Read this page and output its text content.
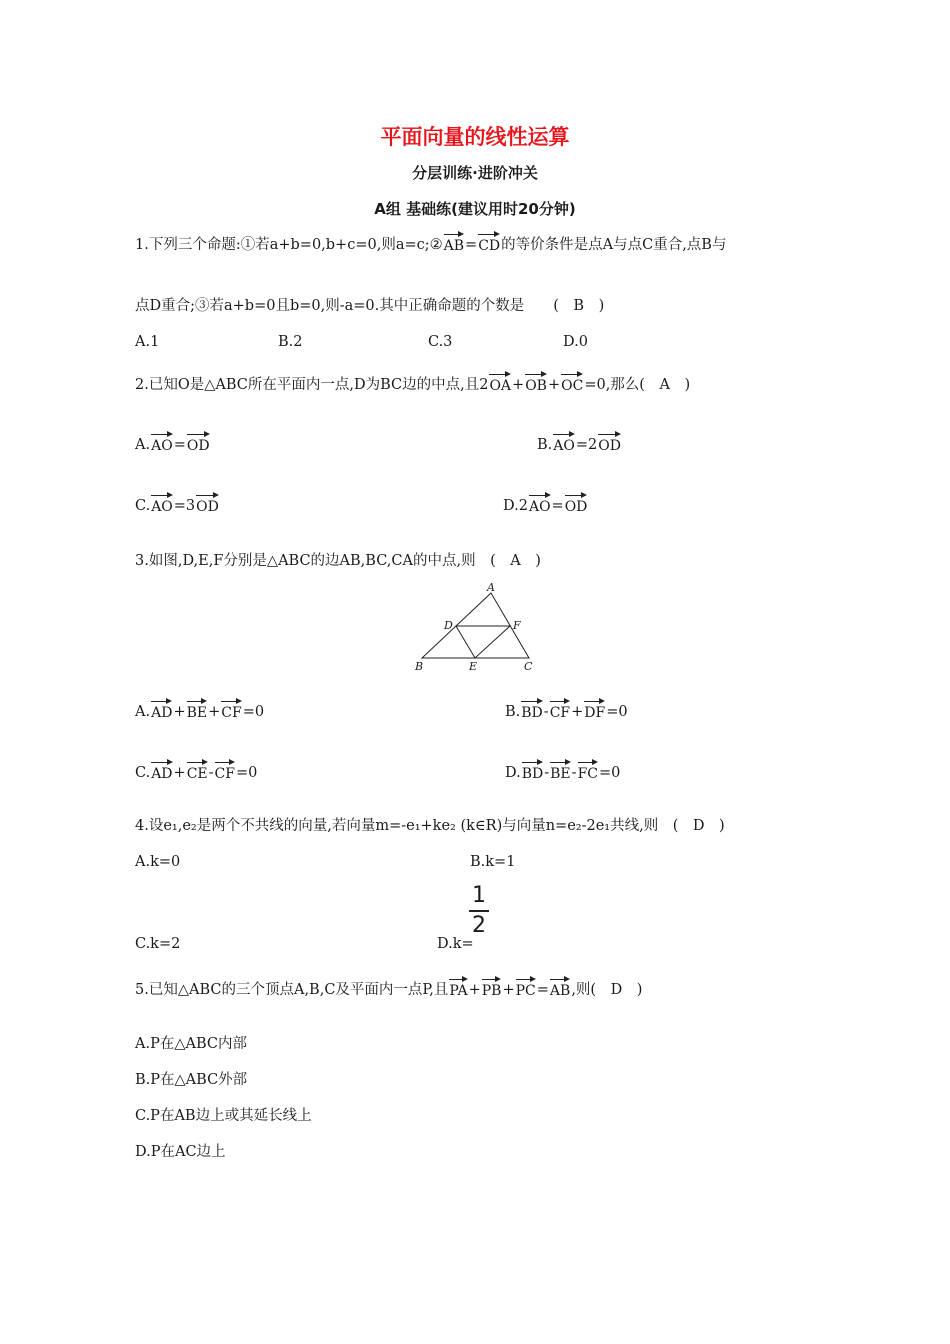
平面向量的线性运算
分层训练·进阶冲关
A组 基础练(建议用时20分钟)
1.下列三个命题:①若a+b=0,b+c=0,则a=c;②AB=CD的等价条件是点A与点C重合,点B与
点D重合;③若a+b=0且b=0,则-a=0.其中正确命题的个数是　　(　B　)
A.1	B.2	C.3	D.0
2.已知O是△ABC所在平面内一点,D为BC边的中点,且2OA+OB+OC=0,那么(　A　)
A.AO=OD	B.AO=2OD
C.AO=3OD	D.2AO=OD
3.如图,D,E,F分别是△ABC的边AB,BC,CA的中点,则　(　A　)
A
B	C
D
E
F
A.AD+BE+CF=0	B.BD-CF+DF=0
C.AD+CE-CF=0	D.BD-BE-FC=0
4.设e₁,e₂是两个不共线的向量,若向量m=-e₁+ke₂ (k∈R)与向量n=e₂-2e₁共线,则　(　D　)
A.k=0	B.k=1
C.k=2	D.k=
1
2
5.已知△ABC的三个顶点A,B,C及平面内一点P,且PA+PB+PC=AB,则(　D　)
A.P在△ABC内部
B.P在△ABC外部
C.P在AB边上或其延长线上
D.P在AC边上
